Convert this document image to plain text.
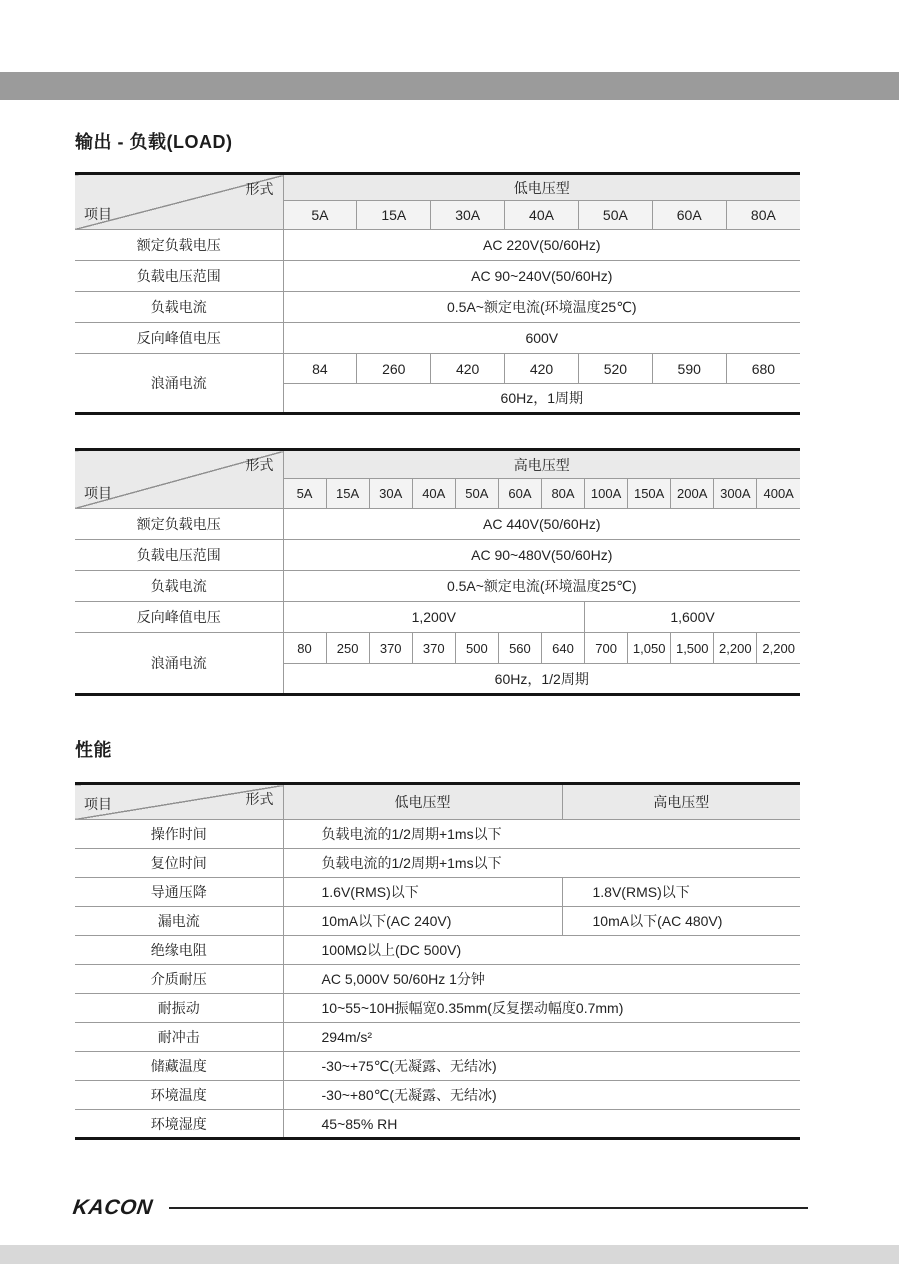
输出 - 负载(LOAD)
形式
项目	低电压型						
	5A	15A	30A	40A	50A	60A	80A
额定负载电压	AC 220V(50/60Hz)						
负载电压范围	AC 90~240V(50/60Hz)						
负载电流	0.5A~额定电流(环境温度25℃)						
反向峰值电压	600V						
浪涌电流	84	260	420	420	520	590	680
	60Hz，1周期						
形式
项目	高电压型											
	5A	15A	30A	40A	50A	60A	80A	100A	150A	200A	300A	400A
额定负载电压	AC 440V(50/60Hz)											
负载电压范围	AC 90~480V(50/60Hz)											
负载电流	0.5A~额定电流(环境温度25℃)											
反向峰值电压	1,200V							1,600V				
浪涌电流	80	250	370	370	500	560	640	700	1,050	1,500	2,200	2,200
	60Hz，1/2周期											
性能
形式
项目	低电压型	高电压型
操作时间	负载电流的1/2周期+1ms以下	
复位时间	负载电流的1/2周期+1ms以下	
导通压降	1.6V(RMS)以下	1.8V(RMS)以下
漏电流	10mA以下(AC 240V)	10mA以下(AC 480V)
绝缘电阻	100MΩ以上(DC 500V)	
介质耐压	AC 5,000V 50/60Hz 1分钟	
耐振动	10~55~10H振幅宽0.35mm(反复摆动幅度0.7mm)	
耐冲击	294m/s²	
储藏温度	-30~+75℃(无凝露、无结冰)	
环境温度	-30~+80℃(无凝露、无结冰)	
环境湿度	45~85% RH	
KACON
